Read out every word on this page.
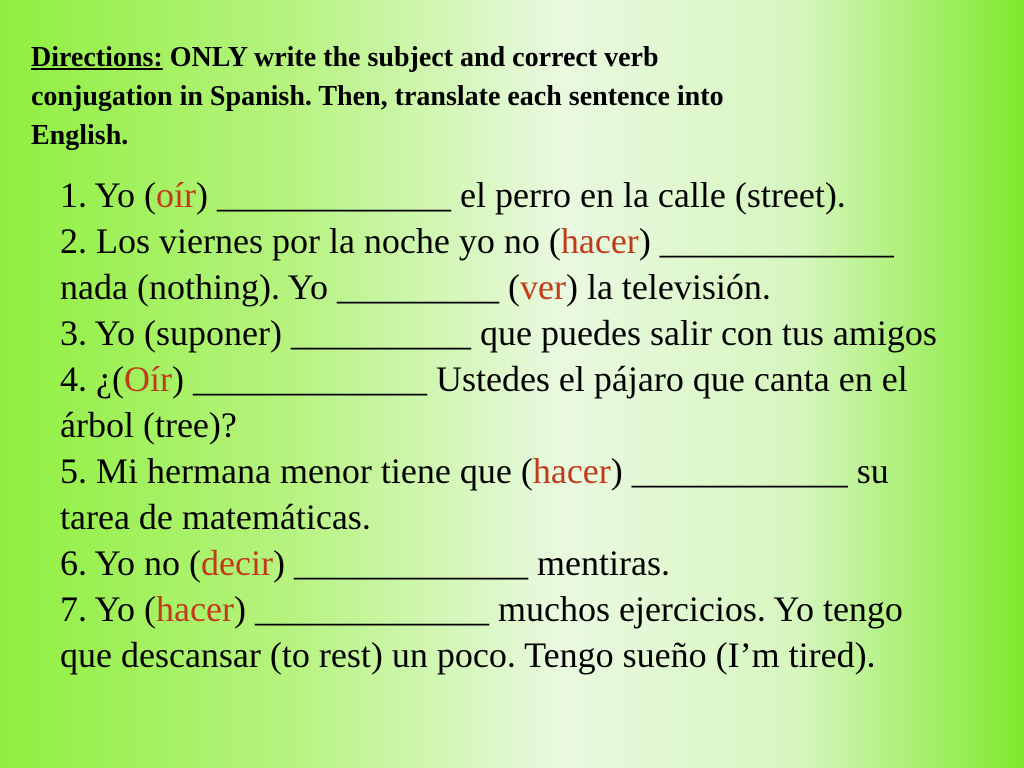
Directions: ONLY write the subject and correct verb
conjugation in Spanish. Then, translate each sentence into
English.
1. Yo (oír) _____________ el perro en la calle (street).
2. Los viernes por la noche yo no (hacer) _____________
nada (nothing). Yo _________ (ver) la televisión.
3. Yo (suponer) __________ que puedes salir con tus amigos
4. ¿(Oír) _____________ Ustedes el pájaro que canta en el
árbol (tree)?
5. Mi hermana menor tiene que (hacer) ____________ su
tarea de matemáticas.
6. Yo no (decir) _____________ mentiras.
7. Yo (hacer) _____________ muchos ejercicios. Yo tengo
que descansar (to rest) un poco. Tengo sueño (I’m tired).
